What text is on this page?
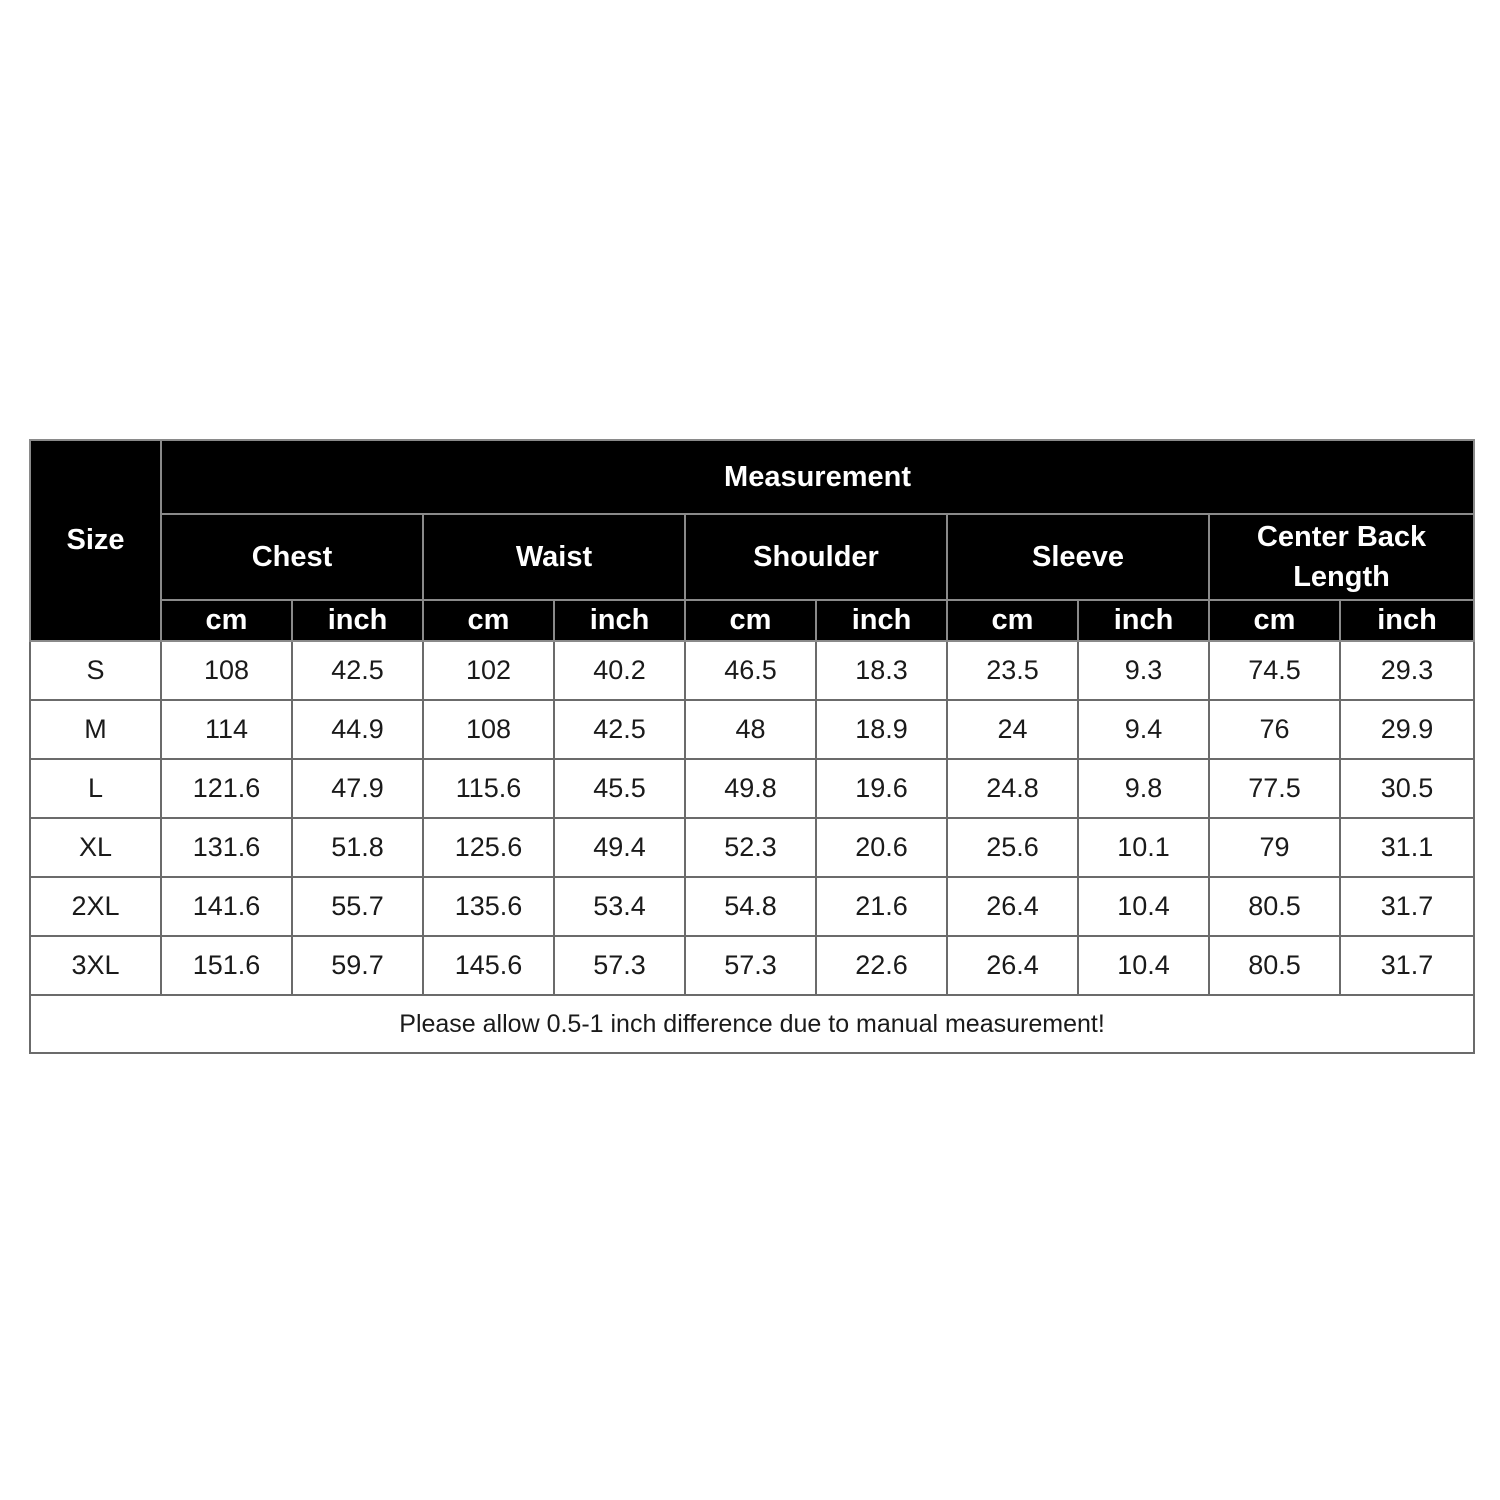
Size	Measurement									
	Chest		Waist		Shoulder		Sleeve		Center Back Length	
	cm	inch	cm	inch	cm	inch	cm	inch	cm	inch
S	108	42.5	102	40.2	46.5	18.3	23.5	9.3	74.5	29.3
M	114	44.9	108	42.5	48	18.9	24	9.4	76	29.9
L	121.6	47.9	115.6	45.5	49.8	19.6	24.8	9.8	77.5	30.5
XL	131.6	51.8	125.6	49.4	52.3	20.6	25.6	10.1	79	31.1
2XL	141.6	55.7	135.6	53.4	54.8	21.6	26.4	10.4	80.5	31.7
3XL	151.6	59.7	145.6	57.3	57.3	22.6	26.4	10.4	80.5	31.7
Please allow 0.5-1 inch difference due to manual measurement!										
